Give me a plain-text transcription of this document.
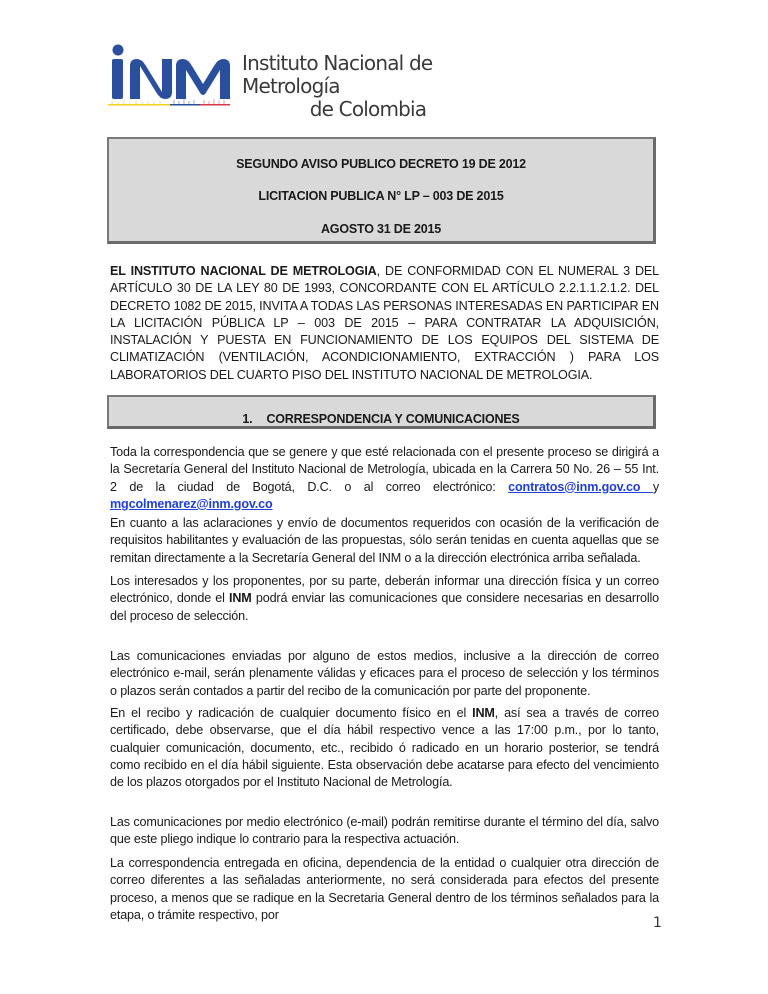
Instituto Nacional de Metrología
de Colombia
SEGUNDO AVISO PUBLICO DECRETO 19 DE 2012
LICITACION PUBLICA N° LP – 003 DE 2015
AGOSTO 31 DE 2015

EL INSTITUTO NACIONAL DE METROLOGIA, DE CONFORMIDAD CON EL NUMERAL 3 DEL ARTÍCULO 30 DE LA LEY 80 DE 1993, CONCORDANTE CON EL ARTÍCULO 2.2.1.1.2.1.2. DEL DECRETO 1082 DE 2015, INVITA A TODAS LAS PERSONAS INTERESADAS EN PARTICIPAR EN LA LICITACIÓN PÚBLICA LP – 003 DE 2015 – PARA CONTRATAR LA ADQUISICIÓN, INSTALACIÓN Y PUESTA EN FUNCIONAMIENTO DE LOS EQUIPOS DEL SISTEMA DE CLIMATIZACIÓN (VENTILACIÓN, ACONDICIONAMIENTO, EXTRACCIÓN ) PARA LOS LABORATORIOS DEL CUARTO PISO DEL INSTITUTO NACIONAL DE METROLOGIA.

1. CORRESPONDENCIA Y COMUNICACIONES

Toda la correspondencia que se genere y que esté relacionada con el presente proceso se dirigirá a la Secretaría General del Instituto Nacional de Metrología, ubicada en la Carrera 50 No. 26 – 55 Int. 2 de la ciudad de Bogotá, D.C. o al correo electrónico: contratos@inm.gov.co y mgcolmenarez@inm.gov.co

En cuanto a las aclaraciones y envío de documentos requeridos con ocasión de la verificación de requisitos habilitantes y evaluación de las propuestas, sólo serán tenidas en cuenta aquellas que se remitan directamente a la Secretaría General del INM o a la dirección electrónica arriba señalada.

Los interesados y los proponentes, por su parte, deberán informar una dirección física y un correo electrónico, donde el INM podrá enviar las comunicaciones que considere necesarias en desarrollo del proceso de selección.

Las comunicaciones enviadas por alguno de estos medios, inclusive a la dirección de correo electrónico e-mail, serán plenamente válidas y eficaces para el proceso de selección y los términos o plazos serán contados a partir del recibo de la comunicación por parte del proponente.

En el recibo y radicación de cualquier documento físico en el INM, así sea a través de correo certificado, debe observarse, que el día hábil respectivo vence a las 17:00 p.m., por lo tanto, cualquier comunicación, documento, etc., recibido ó radicado en un horario posterior, se tendrá como recibido en el día hábil siguiente. Esta observación debe acatarse para efecto del vencimiento de los plazos otorgados por el Instituto Nacional de Metrología.

Las comunicaciones por medio electrónico (e-mail) podrán remitirse durante el término del día, salvo que este pliego indique lo contrario para la respectiva actuación.

La correspondencia entregada en oficina, dependencia de la entidad o cualquier otra dirección de correo diferentes a las señaladas anteriormente, no será considerada para efectos del presente proceso, a menos que se radique en la Secretaria General dentro de los términos señalados para la etapa, o trámite respectivo, por

1
